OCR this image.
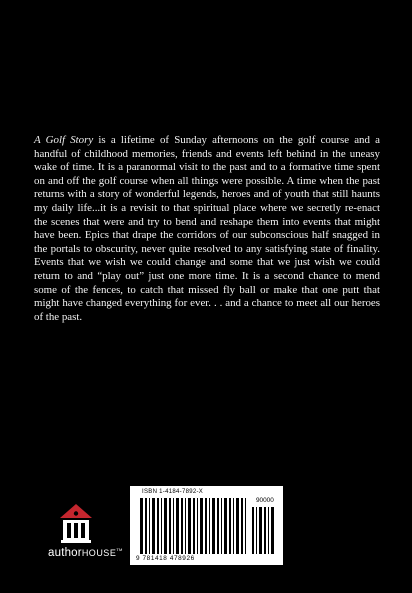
A Golf Story is a lifetime of Sunday afternoons on the golf course and a handful of childhood memories, friends and events left behind in the uneasy wake of time. It is a paranormal visit to the past and to a formative time spent on and off the golf course when all things were possible. A time when the past returns with a story of wonderful legends, heroes and of youth that still haunts my daily life...it is a revisit to that spiritual place where we secretly re-enact the scenes that were and try to bend and reshape them into events that might have been. Epics that drape the corridors of our subconscious half snagged in the portals to obscurity, never quite resolved to any satisfying state of finality. Events that we wish we could change and some that we just wish we could return to and “play out” just one more time. It is a second chance to mend some of the fences, to catch that missed fly ball or make that one putt that might have changed everything for ever. . . and a chance to meet all our heroes of the past.

authorHOUSE™
ISBN 1-4184-7892-X
90000
9 781418 478926
